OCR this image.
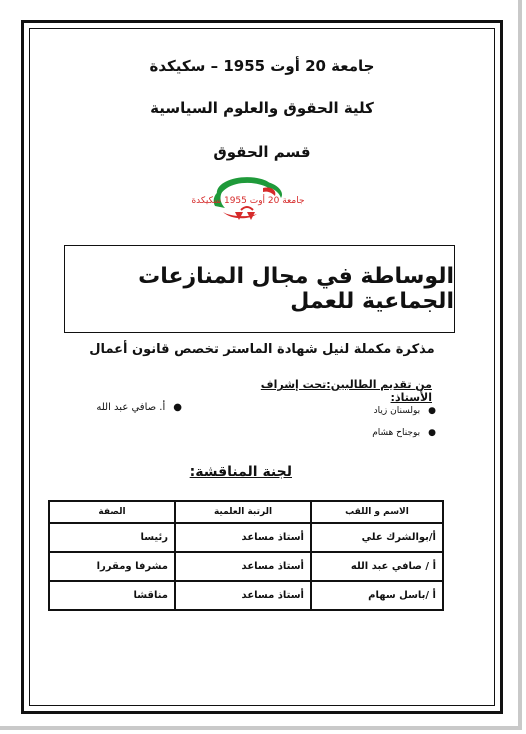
جامعة 20 أوت 1955 – سكيكدة
كلية الحقوق والعلوم السياسية
قسم الحقوق
جامعة 20 أوت 1955 سكيكدة
الوساطة في مجال المنازعات الجماعية للعمل
مذكرة مكملة لنيل شهادة الماستر تخصص قانون أعمال
من تقديم الطالبين:تحت إشراف الأستاذ:
●بولسنان زياد
●بوجناح هشام
●أ. صافي عبد الله
لجنة المناقشة:
الاسم و اللقب	الرتبة العلمية	الصفة
أ/بوالشرك علي	أستاذ مساعد	رئيسا
أ / صافي عبد الله	أستاذ مساعد	مشرفا ومقررا
أ /باسل سهام	أستاذ مساعد	مناقشا
